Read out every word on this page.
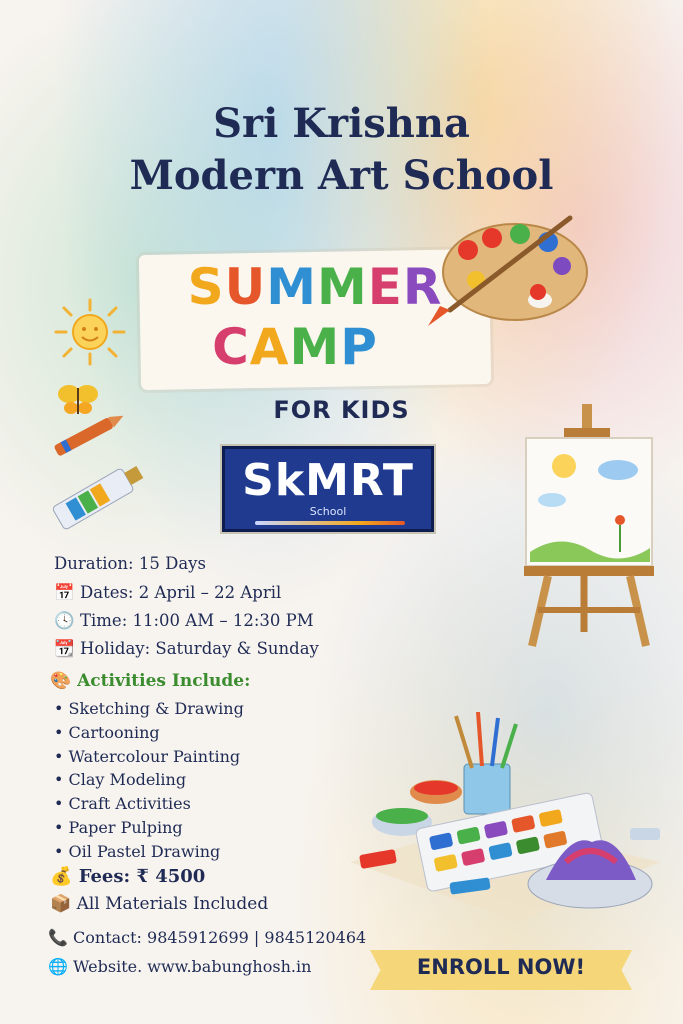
Sri Krishna
Modern Art School
SUMMER
CAMP
FOR KIDS
SkMRT
School
Duration: 15 Days
📅 Dates: 2 April – 22 April
🕓 Time: 11:00 AM – 12:30 PM
📆 Holiday: Saturday & Sunday
🎨 Activities Include:
• Sketching & Drawing
• Cartooning
• Watercolour Painting
• Clay Modeling
• Craft Activities
• Paper Pulping
• Oil Pastel Drawing
💰 Fees: ₹ 4500
📦 All Materials Included
📞 Contact: 9845912699 | 9845120464
🌐 Website. www.babunghosh.in	ENROLL NOW!
